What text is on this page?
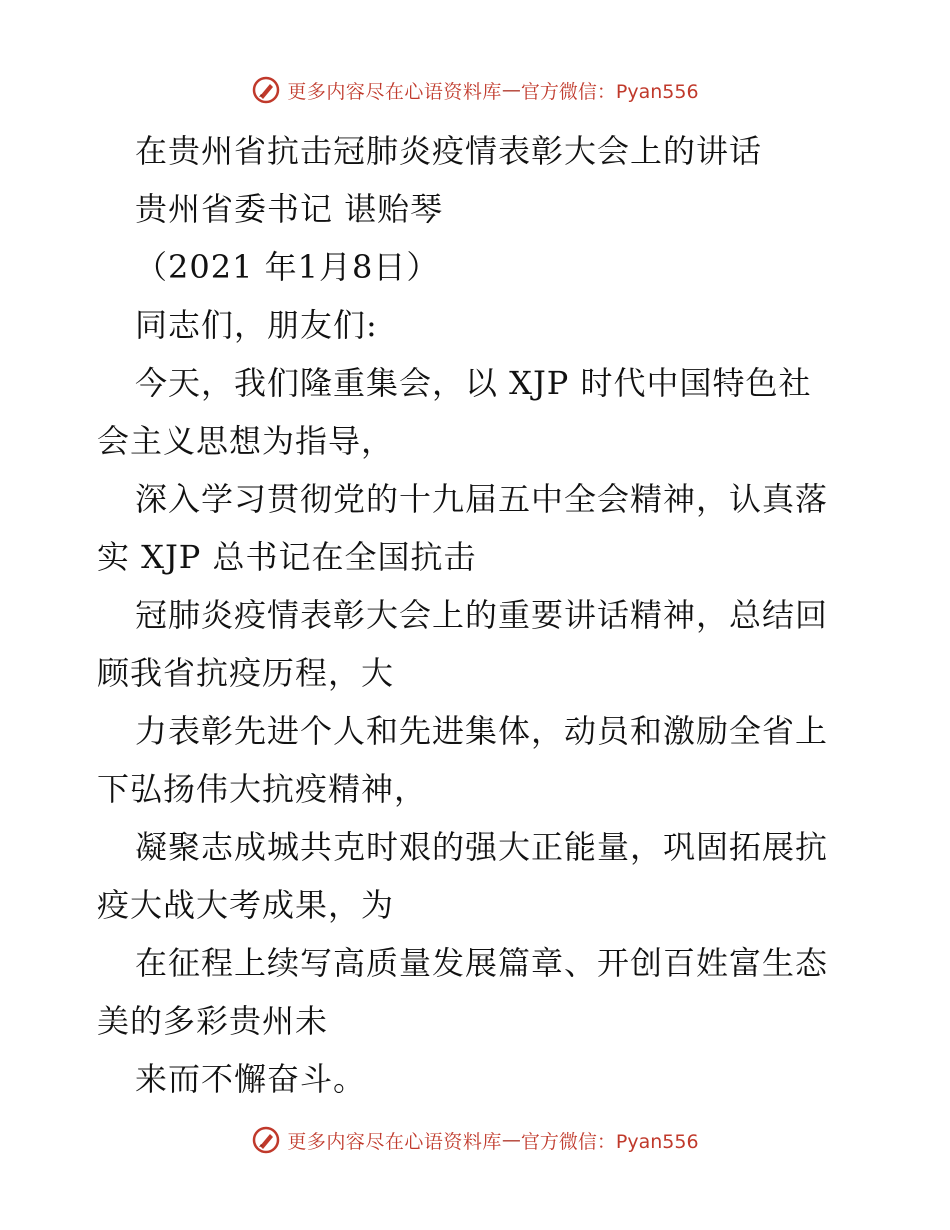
更多内容尽在心语资料库 — 官方微信：Pyan556
在贵州省抗击冠肺炎疫情表彰大会上的讲话
贵州省委书记 谌贻琴
（2021 年1月8日）
同志们，朋友们:
今天，我们隆重集会，以 XJP 时代中国特色社
会主义思想为指导，
深入学习贯彻党的十九届五中全会精神，认真落
实 XJP 总书记在全国抗击
冠肺炎疫情表彰大会上的重要讲话精神，总结回
顾我省抗疫历程，大
力表彰先进个人和先进集体，动员和激励全省上
下弘扬伟大抗疫精神，
凝聚志成城共克时艰的强大正能量，巩固拓展抗
疫大战大考成果，为
在征程上续写高质量发展篇章、开创百姓富生态
美的多彩贵州未
来而不懈奋斗。
更多内容尽在心语资料库 — 官方微信：Pyan556
